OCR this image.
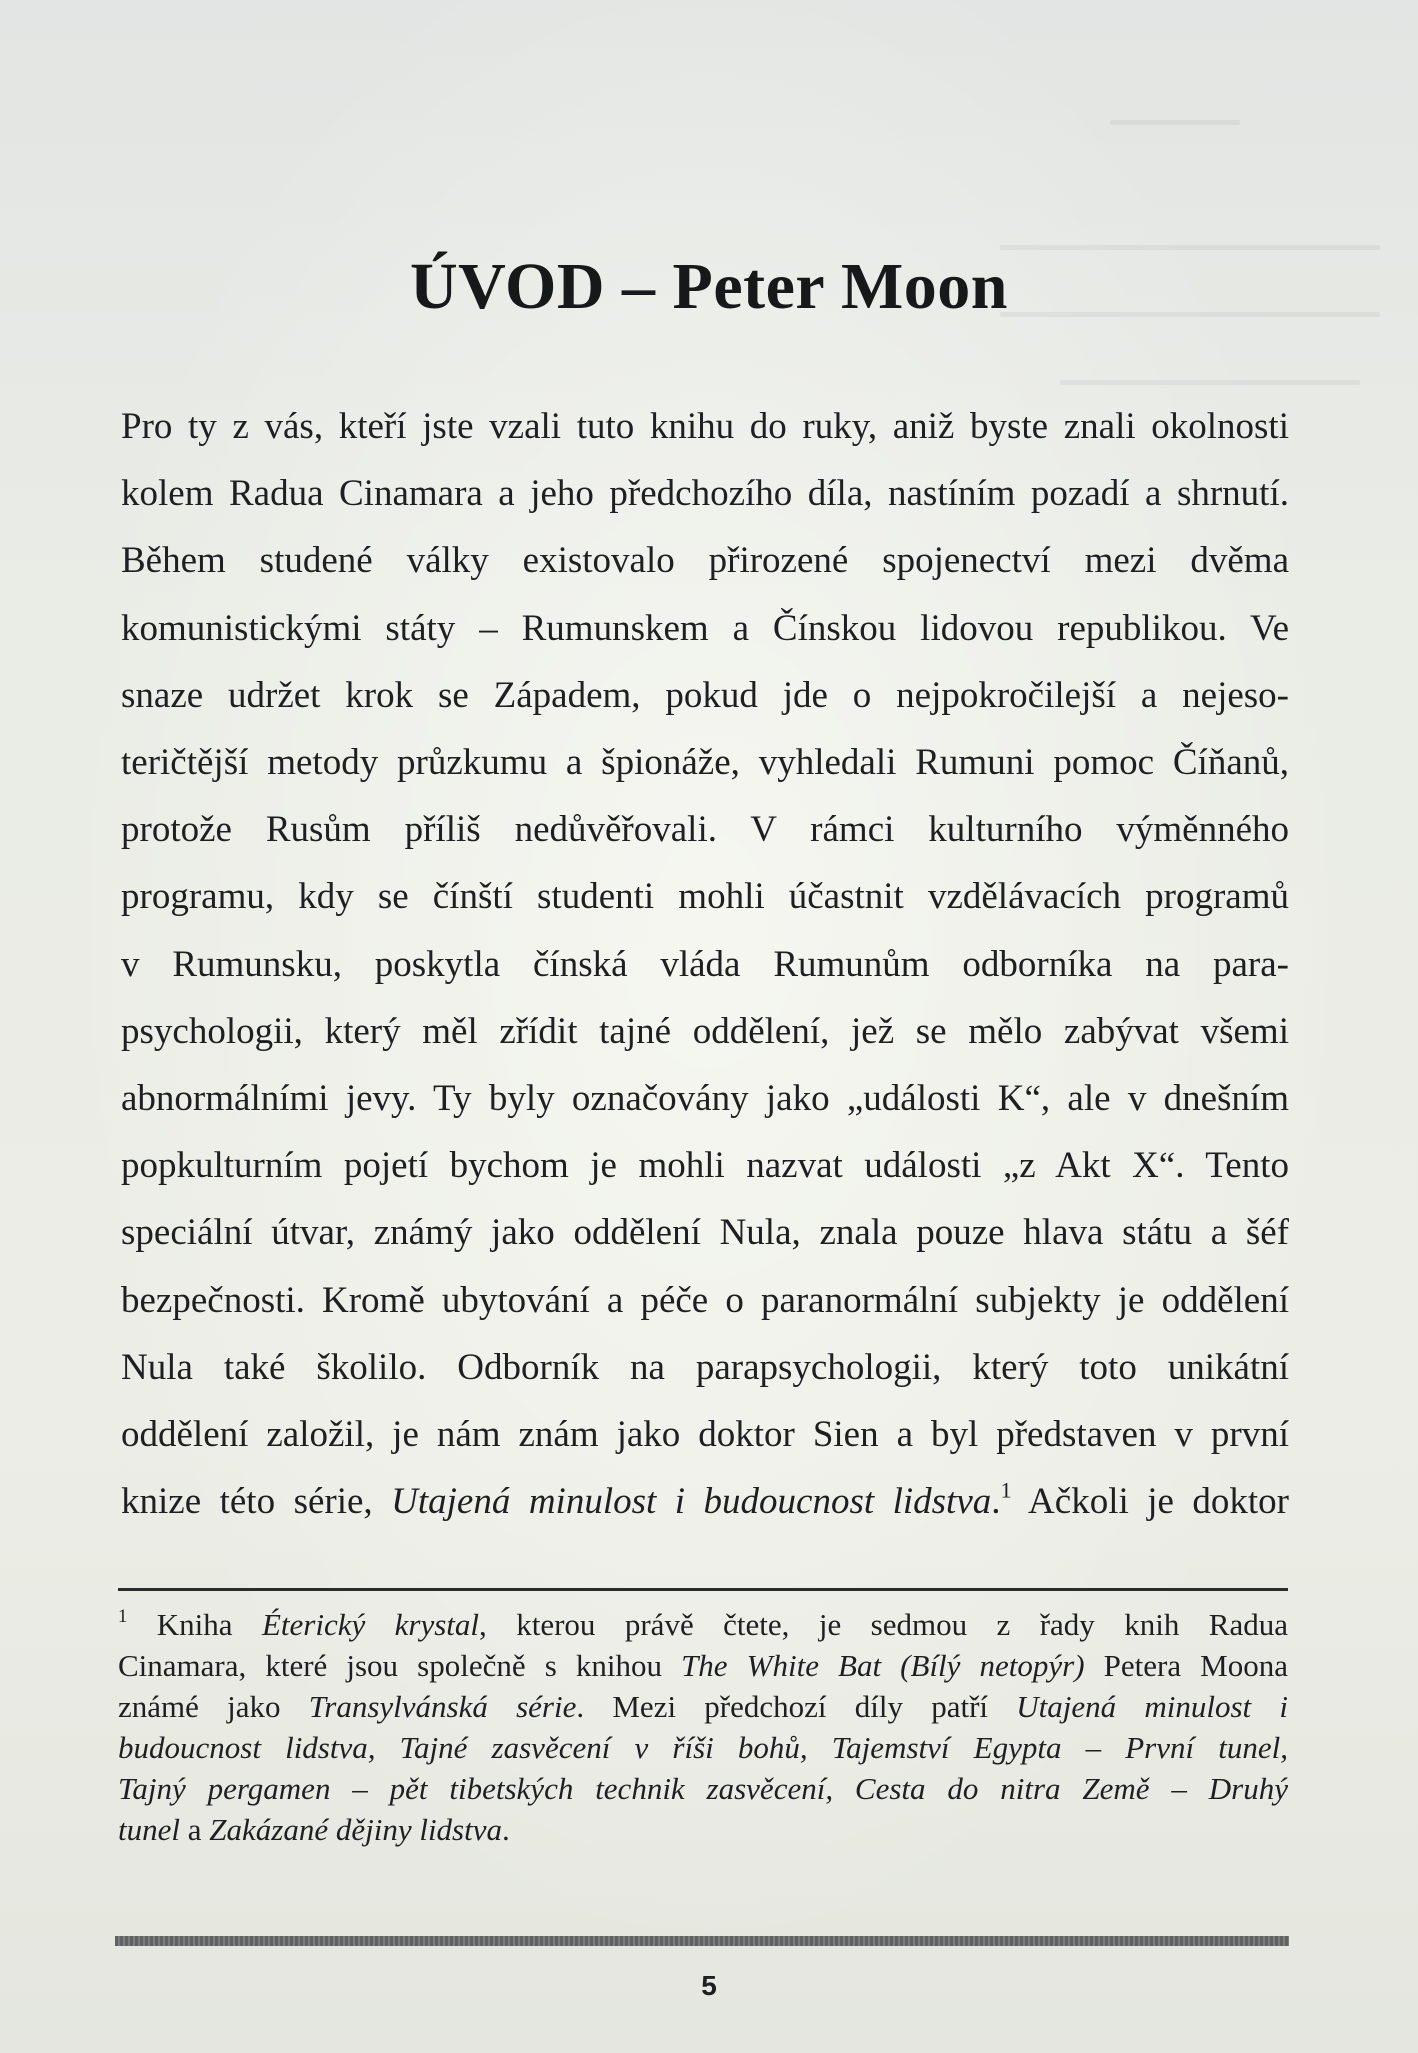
ÚVOD – Peter Moon
Pro ty z vás, kteří jste vzali tuto knihu do ruky, aniž byste znali okolnosti
kolem Radua Cinamara a jeho předchozího díla, nastíním pozadí a shrnutí.
Během studené války existovalo přirozené spojenectví mezi dvěma
komunistickými státy – Rumunskem a Čínskou lidovou republikou. Ve
snaze udržet krok se Západem, pokud jde o nejpokročilejší a nejeso-
teričtější metody průzkumu a špionáže, vyhledali Rumuni pomoc Číňanů,
protože Rusům příliš nedůvěřovali. V rámci kulturního výměnného
programu, kdy se čínští studenti mohli účastnit vzdělávacích programů
v Rumunsku, poskytla čínská vláda Rumunům odborníka na para-
psychologii, který měl zřídit tajné oddělení, jež se mělo zabývat všemi
abnormálními jevy. Ty byly označovány jako „události K“, ale v dnešním
popkulturním pojetí bychom je mohli nazvat události „z Akt X“. Tento
speciální útvar, známý jako oddělení Nula, znala pouze hlava státu a šéf
bezpečnosti. Kromě ubytování a péče o paranormální subjekty je oddělení
Nula také školilo. Odborník na parapsychologii, který toto unikátní
oddělení založil, je nám znám jako doktor Sien a byl představen v první
knize této série, Utajená minulost i budoucnost lidstva.$^1$ Ačkoli je doktor
$^1$ Kniha Éterický krystal, kterou právě čtete, je sedmou z řady knih Radua
Cinamara, které jsou společně s knihou The White Bat (Bílý netopýr) Petera Moona
známé jako Transylvánská série. Mezi předchozí díly patří Utajená minulost i
budoucnost lidstva, Tajné zasvěcení v říši bohů, Tajemství Egypta – První tunel,
Tajný pergamen – pět tibetských technik zasvěcení, Cesta do nitra Země – Druhý
tunel a Zakázané dějiny lidstva.
5
